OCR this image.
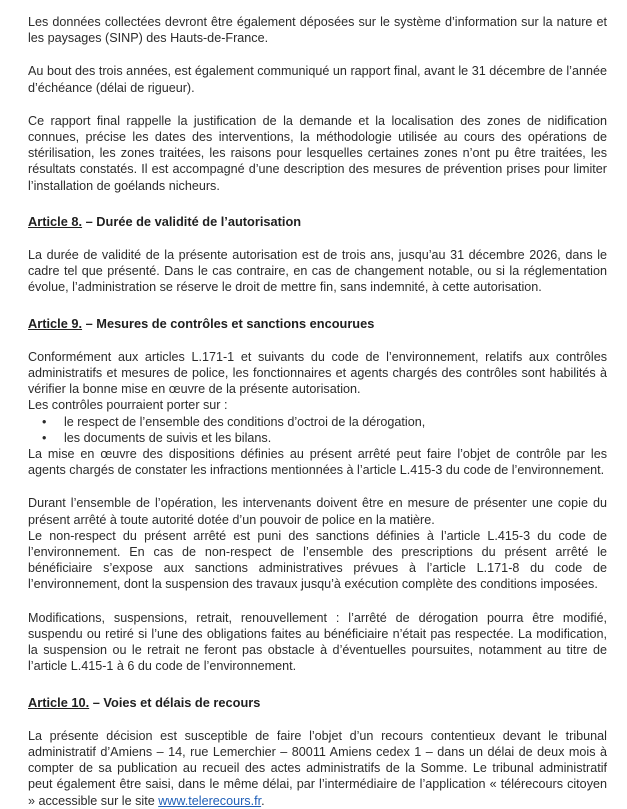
Les données collectées devront être également déposées sur le système d’information sur la nature et les paysages (SINP) des Hauts-de-France.

Au bout des trois années, est également communiqué un rapport final, avant le 31 décembre de l’année d’échéance (délai de rigueur).

Ce rapport final rappelle la justification de la demande et la localisation des zones de nidification connues, précise les dates des interventions, la méthodologie utilisée au cours des opérations de stérilisation, les zones traitées, les raisons pour lesquelles certaines zones n’ont pu être traitées, les résultats constatés. Il est accompagné d’une description des mesures de prévention prises pour limiter l’installation de goélands nicheurs.

Article 8. – Durée de validité de l’autorisation

La durée de validité de la présente autorisation est de trois ans, jusqu’au 31 décembre 2026, dans le cadre tel que présenté. Dans le cas contraire, en cas de changement notable, ou si la réglementation évolue, l’administration se réserve le droit de mettre fin, sans indemnité, à cette autorisation.

Article 9. – Mesures de contrôles et sanctions encourues

Conformément aux articles L.171-1 et suivants du code de l’environnement, relatifs aux contrôles administratifs et mesures de police, les fonctionnaires et agents chargés des contrôles sont habilités à vérifier la bonne mise en œuvre de la présente autorisation.

Les contrôles pourraient porter sur :

• le respect de l’ensemble des conditions d’octroi de la dérogation,
• les documents de suivis et les bilans.

La mise en œuvre des dispositions définies au présent arrêté peut faire l’objet de contrôle par les agents chargés de constater les infractions mentionnées à l’article L.415-3 du code de l’environnement.

Durant l’ensemble de l’opération, les intervenants doivent être en mesure de présenter une copie du présent arrêté à toute autorité dotée d’un pouvoir de police en la matière.

Le non-respect du présent arrêté est puni des sanctions définies à l’article L.415-3 du code de l’environnement. En cas de non-respect de l’ensemble des prescriptions du présent arrêté le bénéficiaire s’expose aux sanctions administratives prévues à l’article L.171-8 du code de l’environnement, dont la suspension des travaux jusqu’à exécution complète des conditions imposées.

Modifications, suspensions, retrait, renouvellement : l’arrêté de dérogation pourra être modifié, suspendu ou retiré si l’une des obligations faites au bénéficiaire n’était pas respectée. La modification, la suspension ou le retrait ne feront pas obstacle à d’éventuelles poursuites, notamment au titre de l’article L.415-1 à 6 du code de l’environnement.

Article 10. – Voies et délais de recours

La présente décision est susceptible de faire l’objet d’un recours contentieux devant le tribunal administratif d’Amiens – 14, rue Lemerchier – 80011 Amiens cedex 1 – dans un délai de deux mois à compter de sa publication au recueil des actes administratifs de la Somme. Le tribunal administratif peut également être saisi, dans le même délai, par l’intermédiaire de l’application « télérecours citoyen » accessible sur le site www.telerecours.fr.
